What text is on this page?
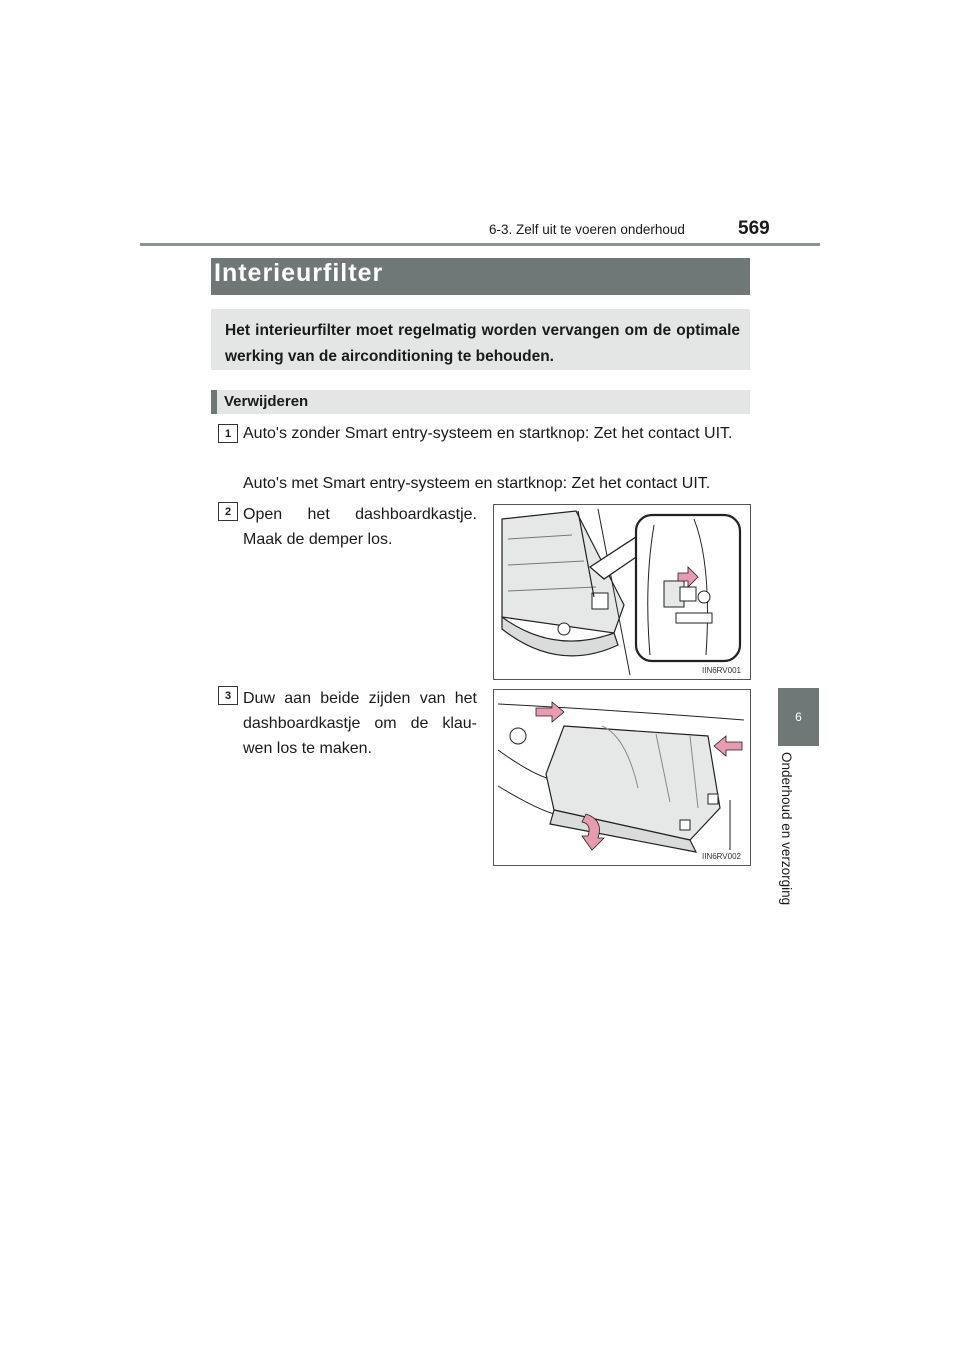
6-3. Zelf uit te voeren onderhoud	569
6
Onderhoud en verzorging
Interieurfilter
Het interieurfilter moet regelmatig worden vervangen om de optimale werking van de airconditioning te behouden.
Verwijderen
1 Auto's zonder Smart entry-systeem en startknop: Zet het contact UIT.
Auto's met Smart entry-systeem en startknop: Zet het contact UIT.
2 Open het dashboardkastje. Maak de demper los.
IIN6RV001
3 Duw aan beide zijden van het dashboardkastje om de klau-wen los te maken.
IIN6RV002
